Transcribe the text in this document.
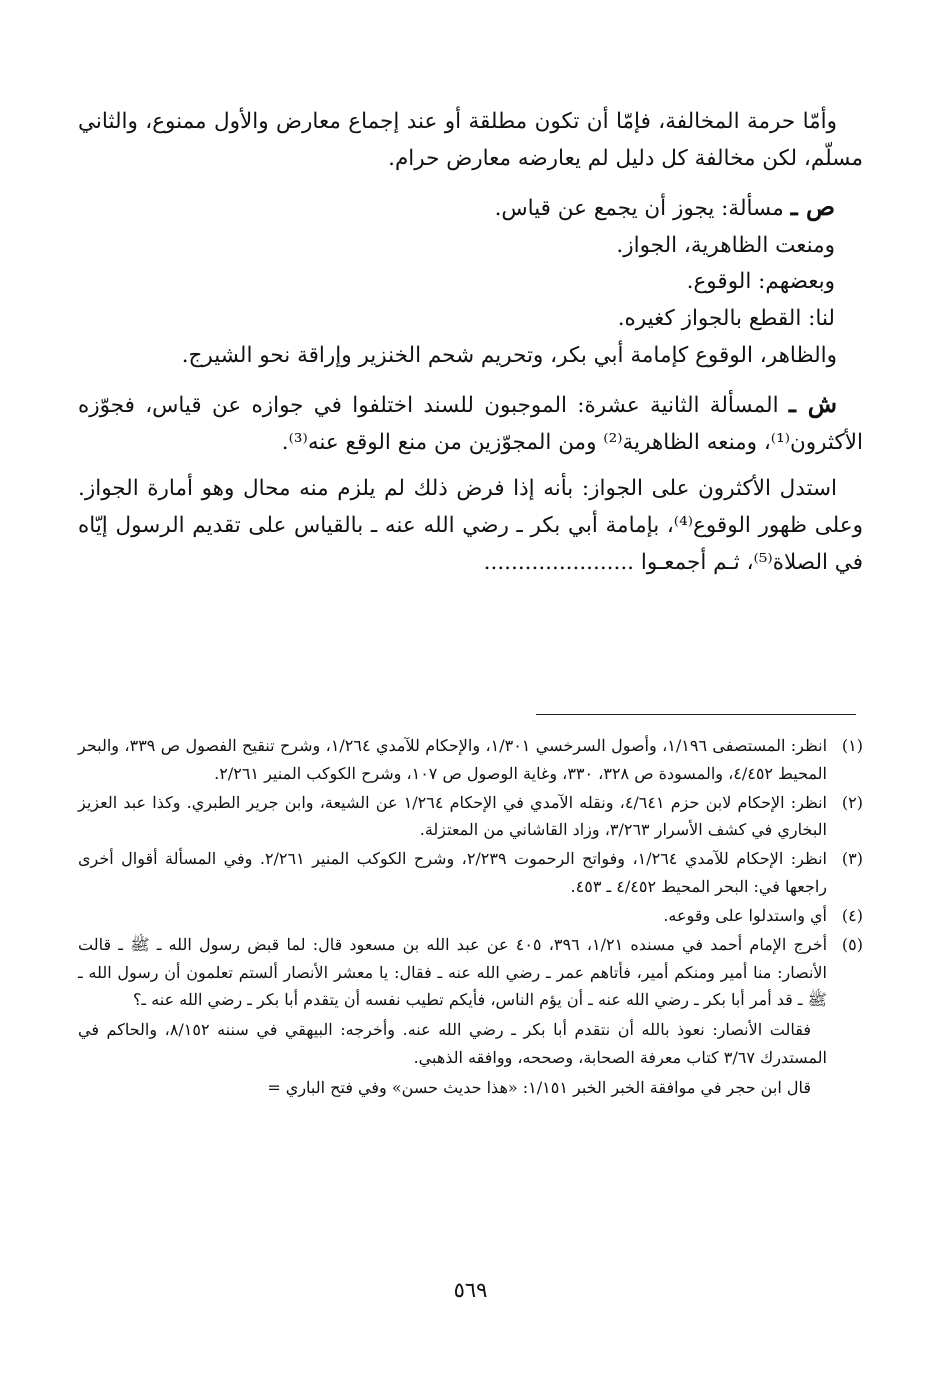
وأمّا حرمة المخالفة، فإمّا أن تكون مطلقة أو عند إجماع معارض والأول ممنوع، والثاني مسلّم، لكن مخالفة كل دليل لم يعارضه معارض حرام.

ص ـ مسألة: يجوز أن يجمع عن قياس.

ومنعت الظاهرية، الجواز.

وبعضهم: الوقوع.

لنا: القطع بالجواز كغيره.

والظاهر، الوقوع كإمامة أبي بكر، وتحريم شحم الخنزير وإراقة نحو الشيرج.

ش ـ المسألة الثانية عشرة: الموجبون للسند اختلفوا في جوازه عن قياس، فجوّزه الأكثرون⁽¹⁾، ومنعه الظاهرية⁽²⁾ ومن المجوّزين من منع الوقع عنه⁽³⁾.

استدل الأكثرون على الجواز: بأنه إذا فرض ذلك لم يلزم منه محال وهو أمارة الجواز. وعلى ظهور الوقوع⁽⁴⁾، بإمامة أبي بكر ـ رضي الله عنه ـ بالقياس على تقديم الرسول إيّاه في الصلاة⁽⁵⁾، ثـم أجمعـوا ......................

(١)
انظر: المستصفى ١/١٩٦، وأصول السرخسي ١/٣٠١، والإحكام للآمدي ١/٢٦٤، وشرح تنقيح الفصول ص ٣٣٩، والبحر المحيط ٤/٤٥٢، والمسودة ص ٣٢٨، ٣٣٠، وغاية الوصول ص ١٠٧، وشرح الكوكب المنير ٢/٢٦١.
(٢)
انظر: الإحكام لابن حزم ٤/٦٤١، ونقله الآمدي في الإحكام ١/٢٦٤ عن الشيعة، وابن جرير الطبري. وكذا عبد العزيز البخاري في كشف الأسرار ٣/٢٦٣، وزاد القاشاني من المعتزلة.
(٣)
انظر: الإحكام للآمدي ١/٢٦٤، وفواتح الرحموت ٢/٢٣٩، وشرح الكوكب المنير ٢/٢٦١. وفي المسألة أقوال أخرى راجعها في: البحر المحيط ٤/٤٥٢ ـ ٤٥٣.
(٤)
أي واستدلوا على وقوعه.
(٥)
أخرج الإمام أحمد في مسنده ١/٢١، ٣٩٦، ٤٠٥ عن عبد الله بن مسعود قال: لما قبض رسول الله ـ ﷺ ـ قالت الأنصار: منا أمير ومنكم أمير، فأتاهم عمر ـ رضي الله عنه ـ فقال: يا معشر الأنصار ألستم تعلمون أن رسول الله ـ ﷺ ـ قد أمر أبا بكر ـ رضي الله عنه ـ أن يؤم الناس، فأيكم تطيب نفسه أن يتقدم أبا بكر ـ رضي الله عنه ـ؟
فقالت الأنصار: نعوذ بالله أن نتقدم أبا بكر ـ رضي الله عنه. وأخرجه: البيهقي في سننه ٨/١٥٢، والحاكم في المستدرك ٣/٦٧ كتاب معرفة الصحابة، وصححه، ووافقه الذهبي.
قال ابن حجر في موافقة الخبر الخبر ١/١٥١: «هذا حديث حسن» وفي فتح الباري =
٥٦٩
